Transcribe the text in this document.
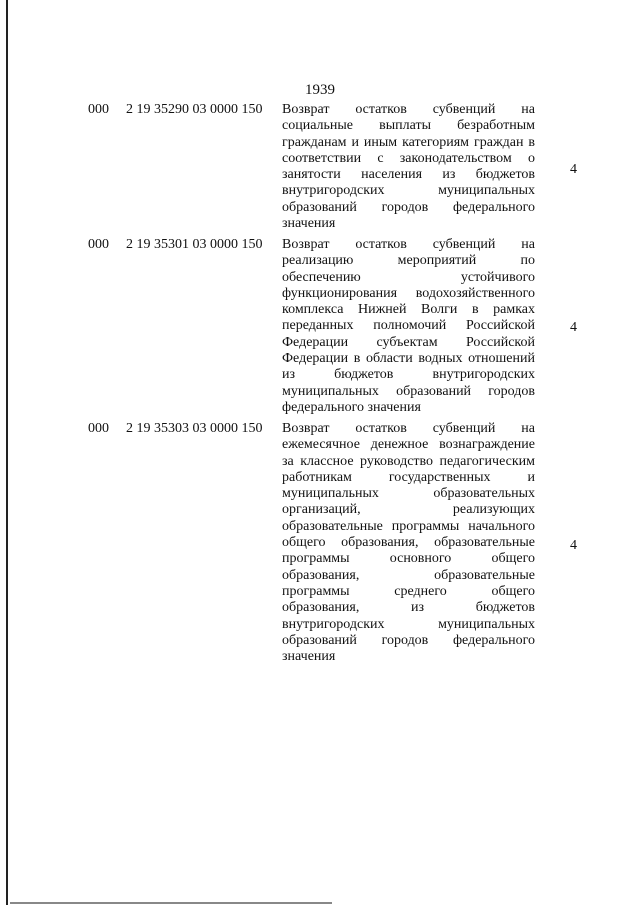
1939
000 2 19 35290 03 0000 150 Возврат остатков субвенций на
социальные выплаты безработным
гражданам и иным категориям граждан в
соответствии с законодательством о
занятости населения из бюджетов
внутригородских муниципальных
образований городов федерального
значения
4
000 2 19 35301 03 0000 150 Возврат остатков субвенций на
реализацию мероприятий по
обеспечению устойчивого
функционирования водохозяйственного
комплекса Нижней Волги в рамках
переданных полномочий Российской
Федерации субъектам Российской
Федерации в области водных отношений
из бюджетов внутригородских
муниципальных образований городов
федерального значения
4
000 2 19 35303 03 0000 150 Возврат остатков субвенций на
ежемесячное денежное вознаграждение
за классное руководство педагогическим
работникам государственных и
муниципальных образовательных
организаций, реализующих
образовательные программы начального
общего образования, образовательные
программы основного общего
образования, образовательные
программы среднего общего
образования, из бюджетов
внутригородских муниципальных
образований городов федерального
значения
4
